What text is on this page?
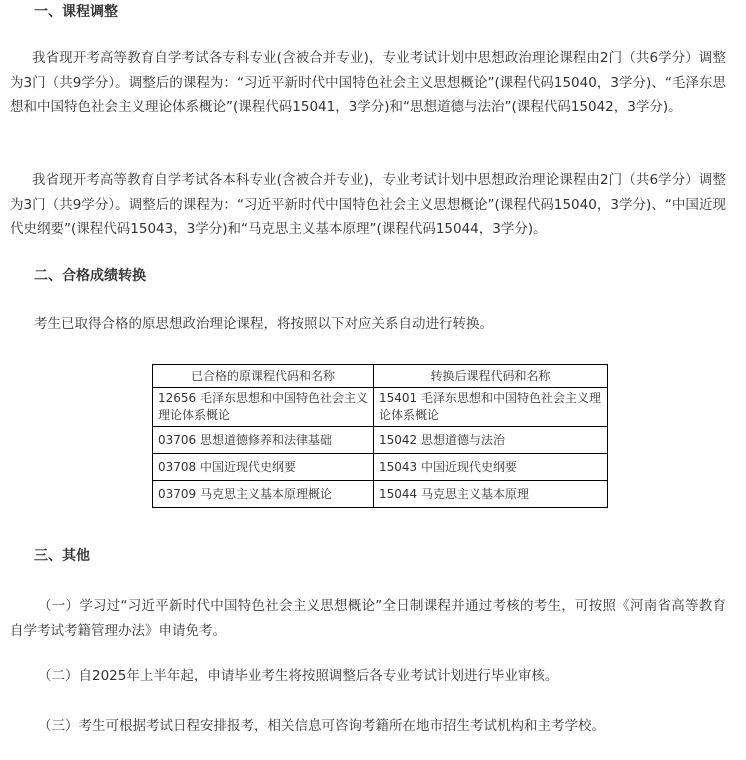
一、课程调整
我省现开考高等教育自学考试各专科专业(含被合并专业)，专业考试计划中思想政治理论课程由2门（共6学分）调整为3门（共9学分）。调整后的课程为：“习近平新时代中国特色社会主义思想概论”(课程代码15040，3学分)、“毛泽东思想和中国特色社会主义理论体系概论”(课程代码15041，3学分)和“思想道德与法治”(课程代码15042，3学分)。
我省现开考高等教育自学考试各本科专业(含被合并专业)，专业考试计划中思想政治理论课程由2门（共6学分）调整为3门（共9学分）。调整后的课程为：“习近平新时代中国特色社会主义思想概论”(课程代码15040，3学分)、“中国近现代史纲要”(课程代码15043，3学分)和“马克思主义基本原理”(课程代码15044，3学分)。
二、合格成绩转换
考生已取得合格的原思想政治理论课程，将按照以下对应关系自动进行转换。
已合格的原课程代码和名称	转换后课程代码和名称
12656 毛泽东思想和中国特色社会主义理论体系概论	15401 毛泽东思想和中国特色社会主义理论体系概论
03706 思想道德修养和法律基础	15042 思想道德与法治
03708 中国近现代史纲要	15043 中国近现代史纲要
03709 马克思主义基本原理概论	15044 马克思主义基本原理
三、其他
（一）学习过“习近平新时代中国特色社会主义思想概论”全日制课程并通过考核的考生，可按照《河南省高等教育自学考试考籍管理办法》申请免考。
（二）自2025年上半年起，申请毕业考生将按照调整后各专业考试计划进行毕业审核。
（三）考生可根据考试日程安排报考，相关信息可咨询考籍所在地市招生考试机构和主考学校。
